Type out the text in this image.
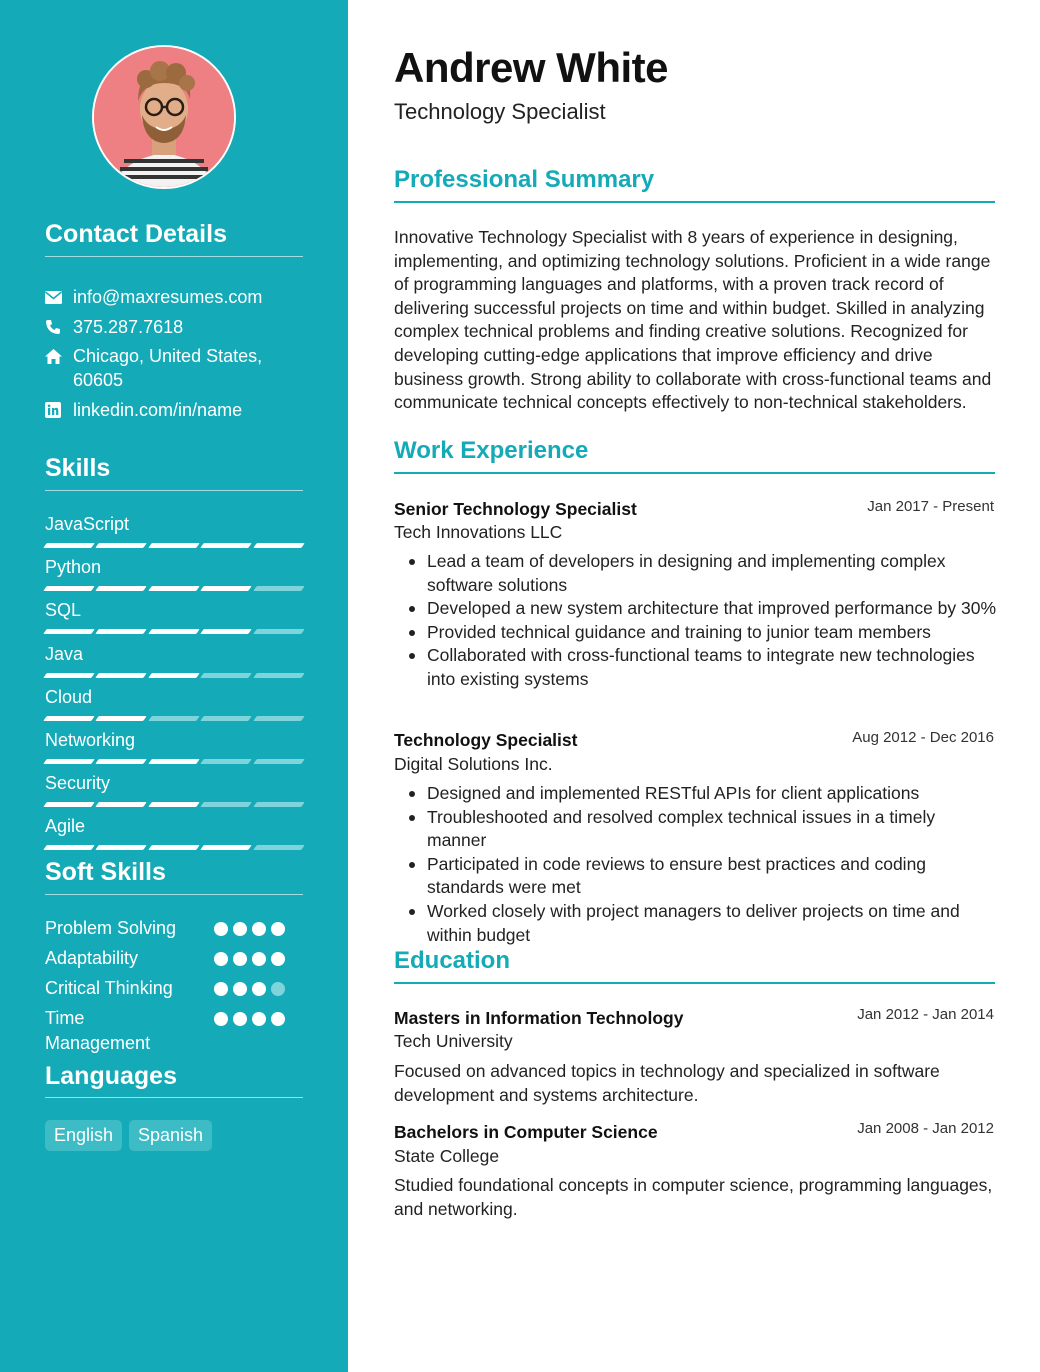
Contact Details
info@maxresumes.com
375.287.7618
Chicago, United States,
60605
linkedin.com/in/name
Skills
JavaScript
Python
SQL
Java
Cloud
Networking
Security
Agile
Soft Skills
Problem Solving
Adaptability
Critical Thinking
Time
Management
Languages
English	Spanish
Andrew White
Technology Specialist
Professional Summary
Innovative Technology Specialist with 8 years of experience in designing, implementing, and optimizing technology solutions. Proficient in a wide range of programming languages and platforms, with a proven track record of delivering successful projects on time and within budget. Skilled in analyzing complex technical problems and finding creative solutions. Recognized for developing cutting-edge applications that improve efficiency and drive business growth. Strong ability to collaborate with cross-functional teams and communicate technical concepts effectively to non-technical stakeholders.
Work Experience
Senior Technology Specialist	Jan 2017 - Present
Tech Innovations LLC
Lead a team of developers in designing and implementing complex software solutions
Developed a new system architecture that improved performance by 30%
Provided technical guidance and training to junior team members
Collaborated with cross-functional teams to integrate new technologies into existing systems
Technology Specialist	Aug 2012 - Dec 2016
Digital Solutions Inc.
Designed and implemented RESTful APIs for client applications
Troubleshooted and resolved complex technical issues in a timely manner
Participated in code reviews to ensure best practices and coding standards were met
Worked closely with project managers to deliver projects on time and within budget
Education
Masters in Information Technology	Jan 2012 - Jan 2014
Tech University
Focused on advanced topics in technology and specialized in software development and systems architecture.
Bachelors in Computer Science	Jan 2008 - Jan 2012
State College
Studied foundational concepts in computer science, programming languages, and networking.
